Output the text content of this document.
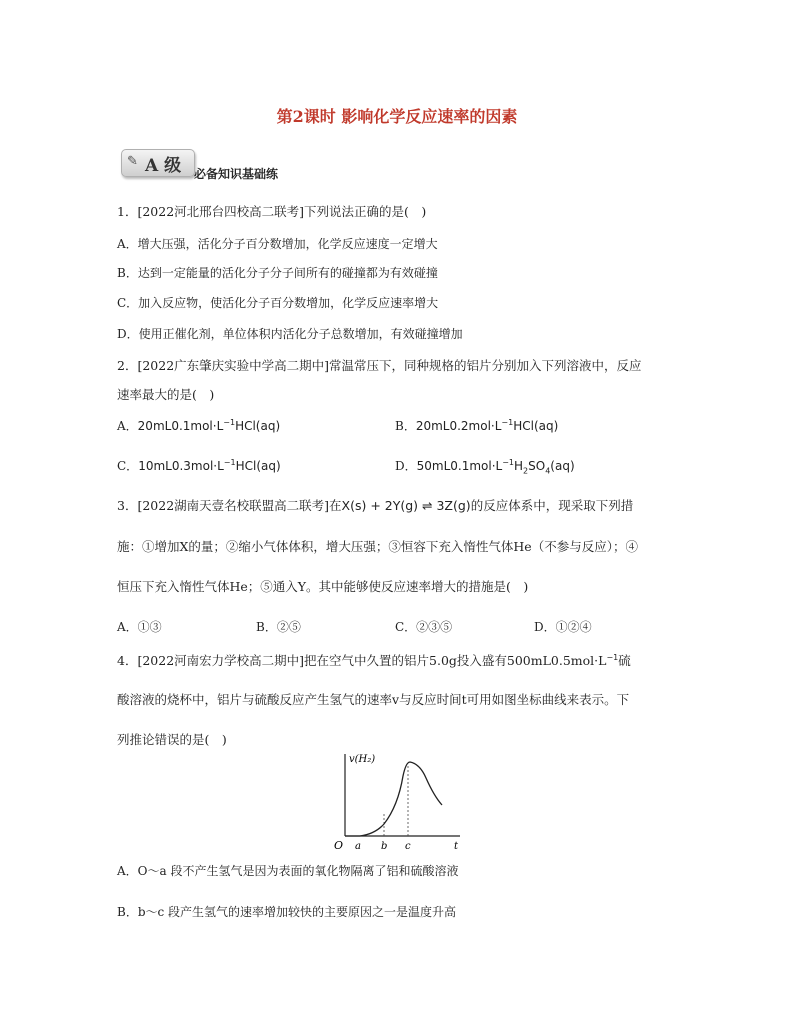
第2课时 影响化学反应速率的因素
✎ A 级 必备知识基础练
1．[2022河北邢台四校高二联考]下列说法正确的是(　)
A．增大压强，活化分子百分数增加，化学反应速度一定增大
B．达到一定能量的活化分子分子间所有的碰撞都为有效碰撞
C．加入反应物，使活化分子百分数增加，化学反应速率增大
D．使用正催化剂，单位体积内活化分子总数增加，有效碰撞增加
2．[2022广东肇庆实验中学高二期中]常温常压下，同种规格的铝片分别加入下列溶液中，反应
速率最大的是(　)
A．$20mL0.1mol\cdot L^{-1}HCl(aq)$	B．$20mL0.2mol\cdot L^{-1}HCl(aq)$
C．$10mL0.3mol\cdot L^{-1}HCl(aq)$	D．$50mL0.1mol\cdot L^{-1}H_2SO_4(aq)$
3．[2022湖南天壹名校联盟高二联考]在X(s) + 2Y(g) ⇌ 3Z(g)的反应体系中，现采取下列措
施：①增加X的量；②缩小气体体积，增大压强；③恒容下充入惰性气体He（不参与反应）；④
恒压下充入惰性气体He；⑤通入Y。其中能够使反应速率增大的措施是(　)
A．①③	B．②⑤	C．②③⑤	D．①②④
4．[2022河南宏力学校高二期中]把在空气中久置的铝片5.0g投入盛有$500mL0.5mol\cdot L^{-1}$硫
酸溶液的烧杯中，铝片与硫酸反应产生氢气的速率v与反应时间t可用如图坐标曲线来表示。下
列推论错误的是(　)
v(H₂)
O a b c	t
A．O～a 段不产生氢气是因为表面的氧化物隔离了铝和硫酸溶液
B．b～c 段产生氢气的速率增加较快的主要原因之一是温度升高
